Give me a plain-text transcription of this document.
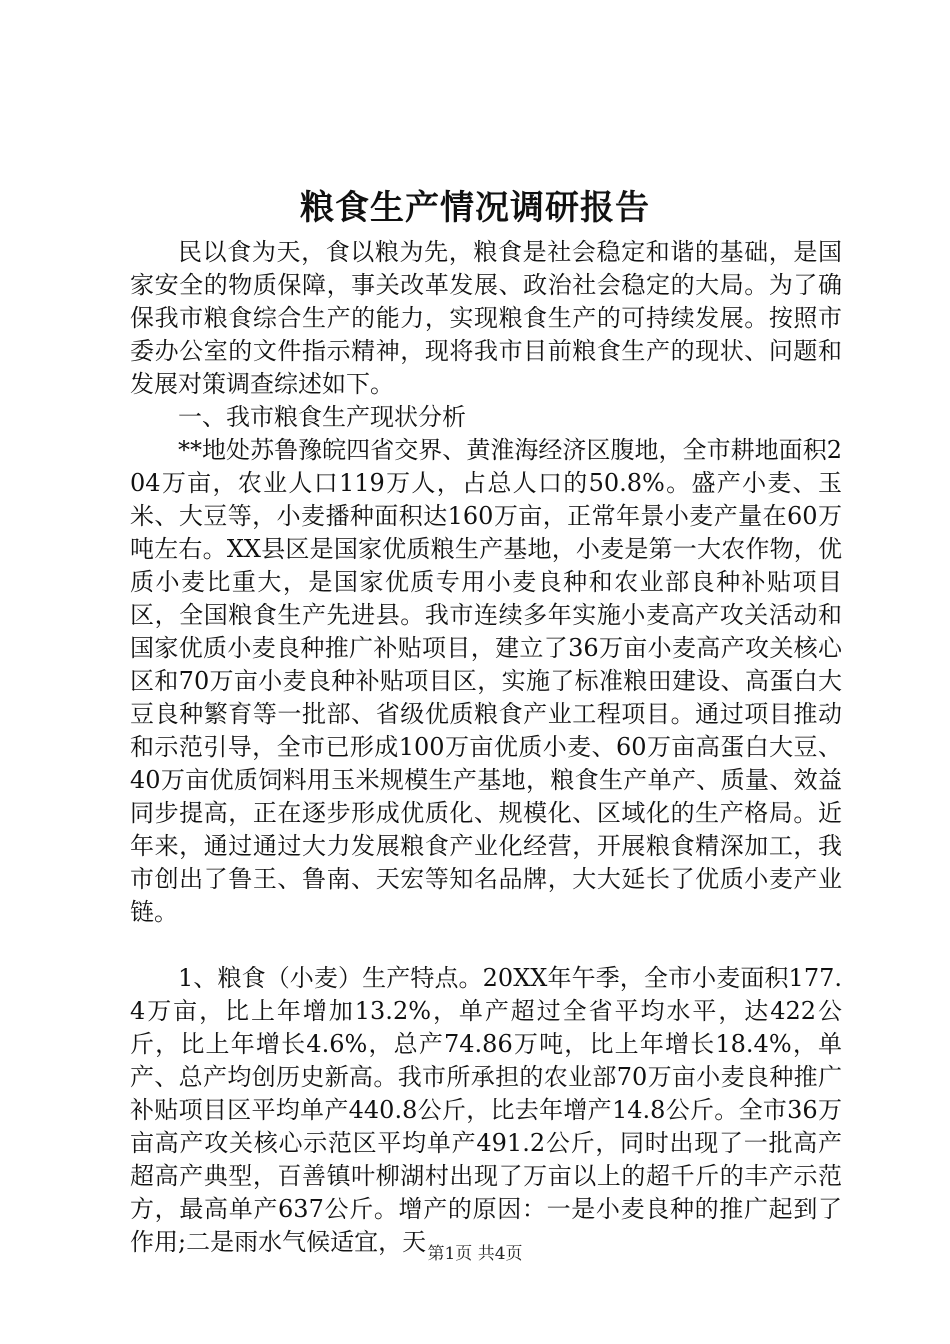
粮食生产情况调研报告

民以食为天，食以粮为先，粮食是社会稳定和谐的基础，是国家安全的物质保障，事关改革发展、政治社会稳定的大局。为了确保我市粮食综合生产的能力，实现粮食生产的可持续发展。按照市委办公室的文件指示精神，现将我市目前粮食生产的现状、问题和发展对策调查综述如下。

一、我市粮食生产现状分析

**地处苏鲁豫皖四省交界、黄淮海经济区腹地，全市耕地面积204万亩，农业人口119万人，占总人口的50.8%。盛产小麦、玉米、大豆等，小麦播种面积达160万亩，正常年景小麦产量在60万吨左右。XX县区是国家优质粮生产基地，小麦是第一大农作物，优质小麦比重大，是国家优质专用小麦良种和农业部良种补贴项目区，全国粮食生产先进县。我市连续多年实施小麦高产攻关活动和国家优质小麦良种推广补贴项目，建立了36万亩小麦高产攻关核心区和70万亩小麦良种补贴项目区，实施了标准粮田建设、高蛋白大豆良种繁育等一批部、省级优质粮食产业工程项目。通过项目推动和示范引导，全市已形成100万亩优质小麦、60万亩高蛋白大豆、40万亩优质饲料用玉米规模生产基地，粮食生产单产、质量、效益同步提高，正在逐步形成优质化、规模化、区域化的生产格局。近年来，通过通过大力发展粮食产业化经营，开展粮食精深加工，我市创出了鲁王、鲁南、天宏等知名品牌，大大延长了优质小麦产业链。

1、粮食（小麦）生产特点。20XX年午季，全市小麦面积177.4万亩，比上年增加13.2%，单产超过全省平均水平，达422公斤，比上年增长4.6%，总产74.86万吨，比上年增长18.4%，单产、总产均创历史新高。我市所承担的农业部70万亩小麦良种推广补贴项目区平均单产440.8公斤，比去年增产14.8公斤。全市36万亩高产攻关核心示范区平均单产491.2公斤，同时出现了一批高产超高产典型，百善镇叶柳湖村出现了万亩以上的超千斤的丰产示范方，最高单产637公斤。增产的原因：一是小麦良种的推广起到了作用;二是雨水气候适宜，天 第1页 共4页
